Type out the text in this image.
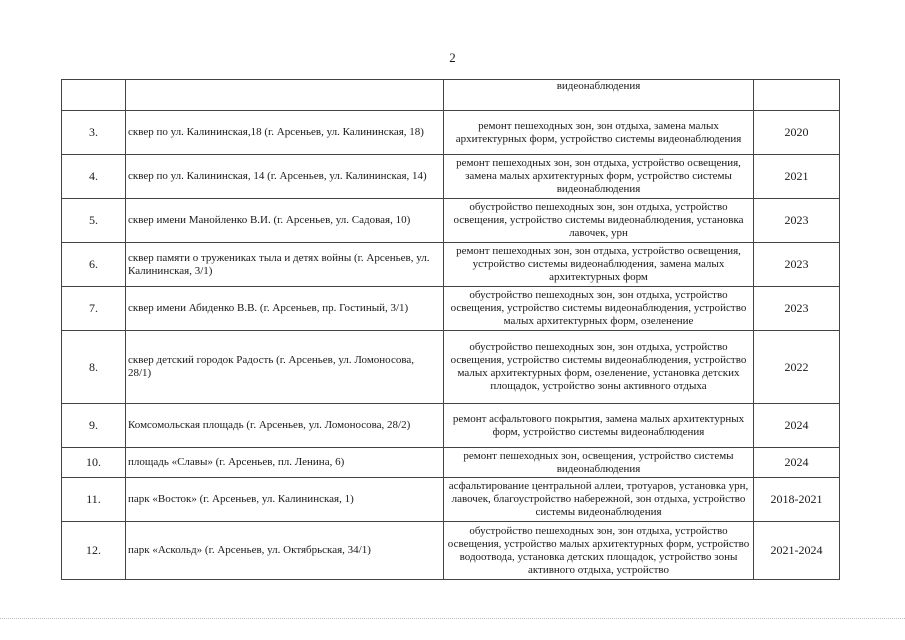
2
		видеонаблюдения	
3.	сквер по ул. Калининская,18 (г. Арсеньев, ул. Калининская, 18)	ремонт пешеходных зон, зон отдыха, замена малых архитектурных форм, устройство системы видеонаблюдения	2020
4.	сквер по ул. Калининская, 14 (г. Арсеньев, ул. Калининская, 14)	ремонт пешеходных зон, зон отдыха, устройство освещения, замена малых архитектурных форм, устройство системы видеонаблюдения	2021
5.	сквер имени Манойленко В.И. (г. Арсеньев, ул. Садовая, 10)	обустройство пешеходных зон, зон отдыха, устройство освещения, устройство системы видеонаблюдения, установка лавочек, урн	2023
6.	сквер памяти о тружениках тыла и детях войны (г. Арсеньев, ул. Калининская, 3/1)	ремонт пешеходных зон, зон отдыха, устройство освещения, устройство системы видеонаблюдения, замена малых архитектурных форм	2023
7.	сквер имени Абиденко В.В. (г. Арсеньев, пр. Гостиный, 3/1)	обустройство пешеходных зон, зон отдыха, устройство освещения, устройство системы видеонаблюдения, устройство малых архитектурных форм, озеленение	2023
8.	сквер детский городок Радость (г. Арсеньев, ул. Ломоносова, 28/1)	обустройство пешеходных зон, зон отдыха, устройство освещения, устройство системы видеонаблюдения, устройство малых архитектурных форм, озеленение, установка детских площадок, устройство зоны активного отдыха	2022
9.	Комсомольская площадь (г. Арсеньев, ул. Ломоносова, 28/2)	ремонт асфальтового покрытия, замена малых архитектурных форм, устройство системы видеонаблюдения	2024
10.	площадь «Славы» (г. Арсеньев, пл. Ленина, 6)	ремонт пешеходных зон, освещения, устройство системы видеонаблюдения	2024
11.	парк «Восток» (г. Арсеньев, ул. Калининская, 1)	асфальтирование центральной аллеи, тротуаров, установка урн, лавочек, благоустройство набережной, зон отдыха, устройство системы видеонаблюдения	2018-2021
12.	парк «Аскольд» (г. Арсеньев, ул. Октябрьская, 34/1)	обустройство пешеходных зон, зон отдыха, устройство освещения, устройство малых архитектурных форм, устройство водоотвода, установка детских площадок, устройство зоны активного отдыха, устройство	2021-2024
